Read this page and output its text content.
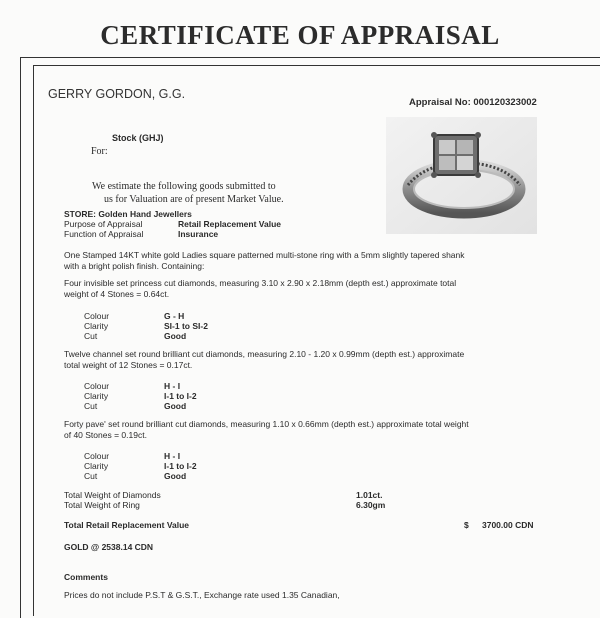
CERTIFICATE OF APPRAISAL
GERRY GORDON, G.G.
Appraisal No: 000120323002
Stock (GHJ)
For:
We estimate the following goods submitted to
us for Valuation are of present Market Value.
STORE: Golden Hand Jewellers
Purpose of Appraisal	Retail Replacement Value
Function of Appraisal	Insurance
One Stamped 14KT white gold Ladies square patterned multi-stone ring with a 5mm slightly tapered shank
with a bright polish finish. Containing:
Four invisible set princess cut diamonds, measuring 3.10 x 2.90 x 2.18mm (depth est.) approximate total
weight of 4 Stones = 0.64ct.
Colour	G - H
Clarity	SI-1 to SI-2
Cut	Good
Twelve channel set round brilliant cut diamonds, measuring 2.10 - 1.20 x 0.99mm (depth est.) approximate
total weight of 12 Stones = 0.17ct.
Colour	H - I
Clarity	I-1 to I-2
Cut	Good
Forty pave' set round brilliant cut diamonds, measuring 1.10 x 0.66mm (depth est.) approximate total weight
of 40 Stones = 0.19ct.
Colour	H - I
Clarity	I-1 to I-2
Cut	Good
Total Weight of Diamonds	1.01ct.
Total Weight of Ring	6.30gm
Total Retail Replacement Value	$ 3700.00 CDN
GOLD @ 2538.14 CDN
Comments
Prices do not include P.S.T & G.S.T., Exchange rate used 1.35 Canadian,
